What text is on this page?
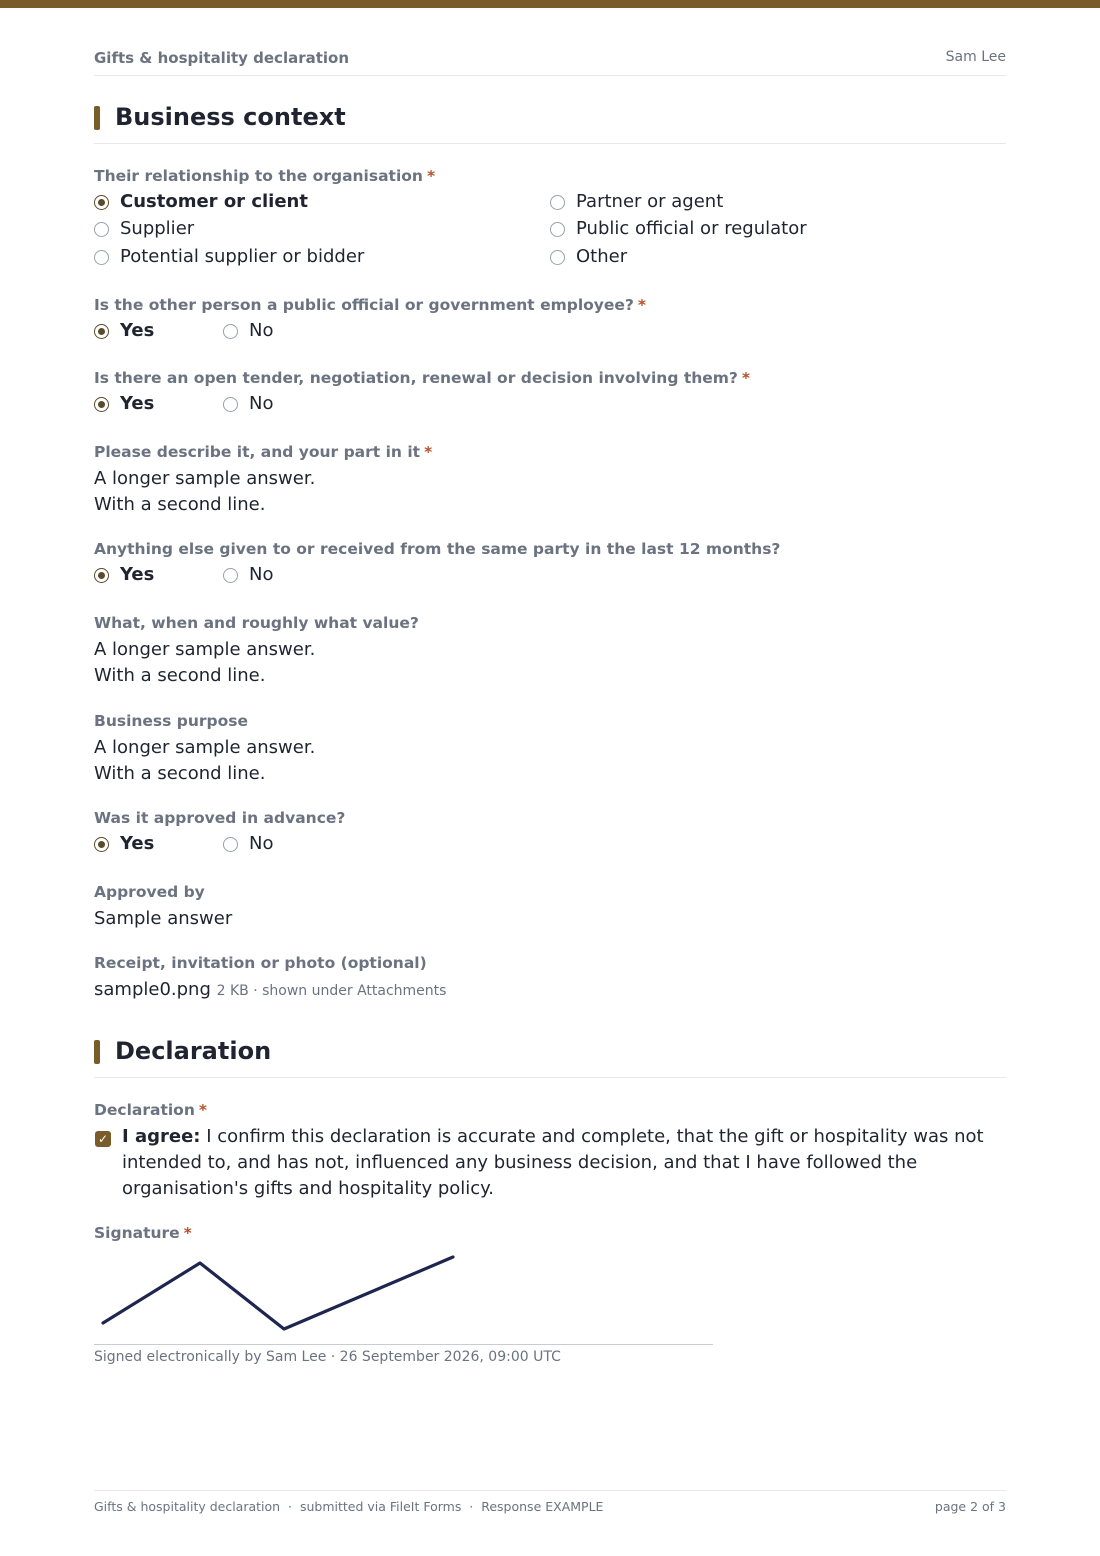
Gifts & hospitality declaration	Sam Lee
Business context
Their relationship to the organisation *
Customer or client	Partner or agent
Supplier	Public official or regulator
Potential supplier or bidder	Other
Is the other person a public official or government employee? *
Yes	No
Is there an open tender, negotiation, renewal or decision involving them? *
Yes	No
Please describe it, and your part in it *
A longer sample answer.
With a second line.
Anything else given to or received from the same party in the last 12 months?
Yes	No
What, when and roughly what value?
A longer sample answer.
With a second line.
Business purpose
A longer sample answer.
With a second line.
Was it approved in advance?
Yes	No
Approved by
Sample answer
Receipt, invitation or photo (optional)
sample0.png 2 KB · shown under Attachments
Declaration
Declaration *
✓ I agree: I confirm this declaration is accurate and complete, that the gift or hospitality was not intended to, and has not, influenced any business decision, and that I have followed the organisation's gifts and hospitality policy.
Signature *
Signed electronically by Sam Lee · 26 September 2026, 09:00 UTC
Gifts & hospitality declaration  ·  submitted via FileIt Forms  ·  Response EXAMPLE	page 2 of 3
